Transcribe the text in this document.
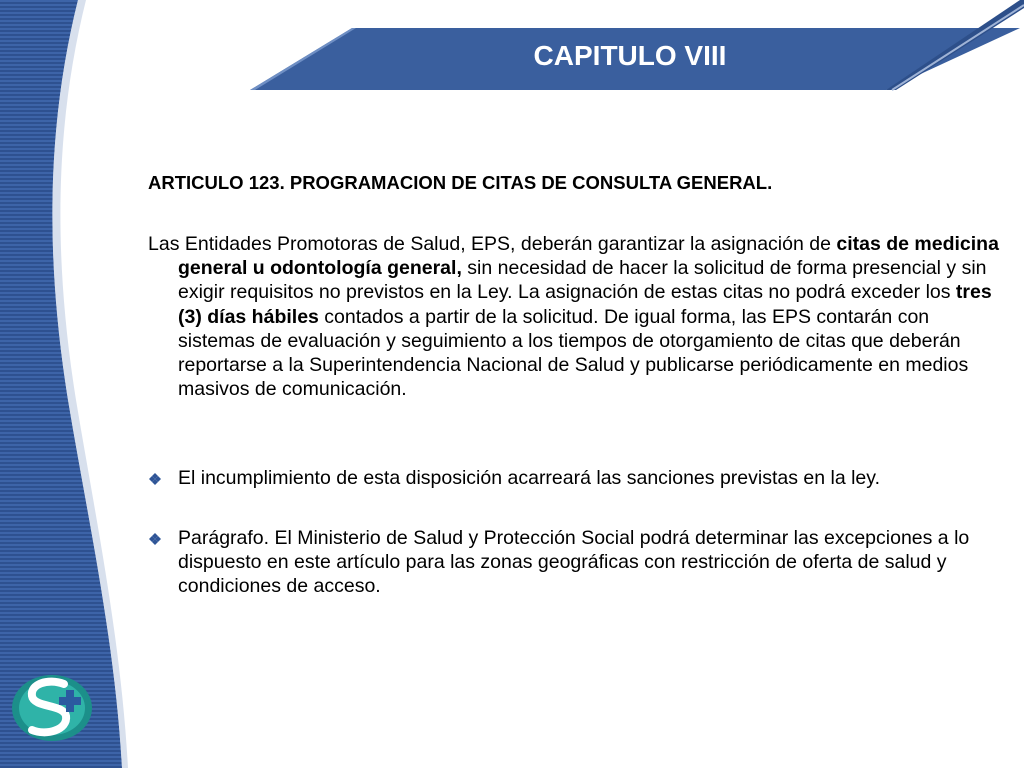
CAPITULO VIII
ARTICULO 123. PROGRAMACION DE CITAS DE CONSULTA GENERAL.
Las Entidades Promotoras de Salud, EPS, deberán garantizar la asignación de citas de medicina general u odontología general, sin necesidad de hacer la solicitud de forma presencial y sin exigir requisitos no previstos en la Ley. La asignación de estas citas no podrá exceder los tres (3) días hábiles contados a partir de la solicitud. De igual forma, las EPS contarán con sistemas de evaluación y seguimiento a los tiempos de otorgamiento de citas que deberán reportarse a la Superintendencia Nacional de Salud y publicarse periódicamente en medios masivos de comunicación.
El incumplimiento de esta disposición acarreará las sanciones previstas en la ley.
Parágrafo. El Ministerio de Salud y Protección Social podrá determinar las excepciones a lo dispuesto en este artículo para las zonas geográficas con restricción de oferta de salud y condiciones de acceso.
